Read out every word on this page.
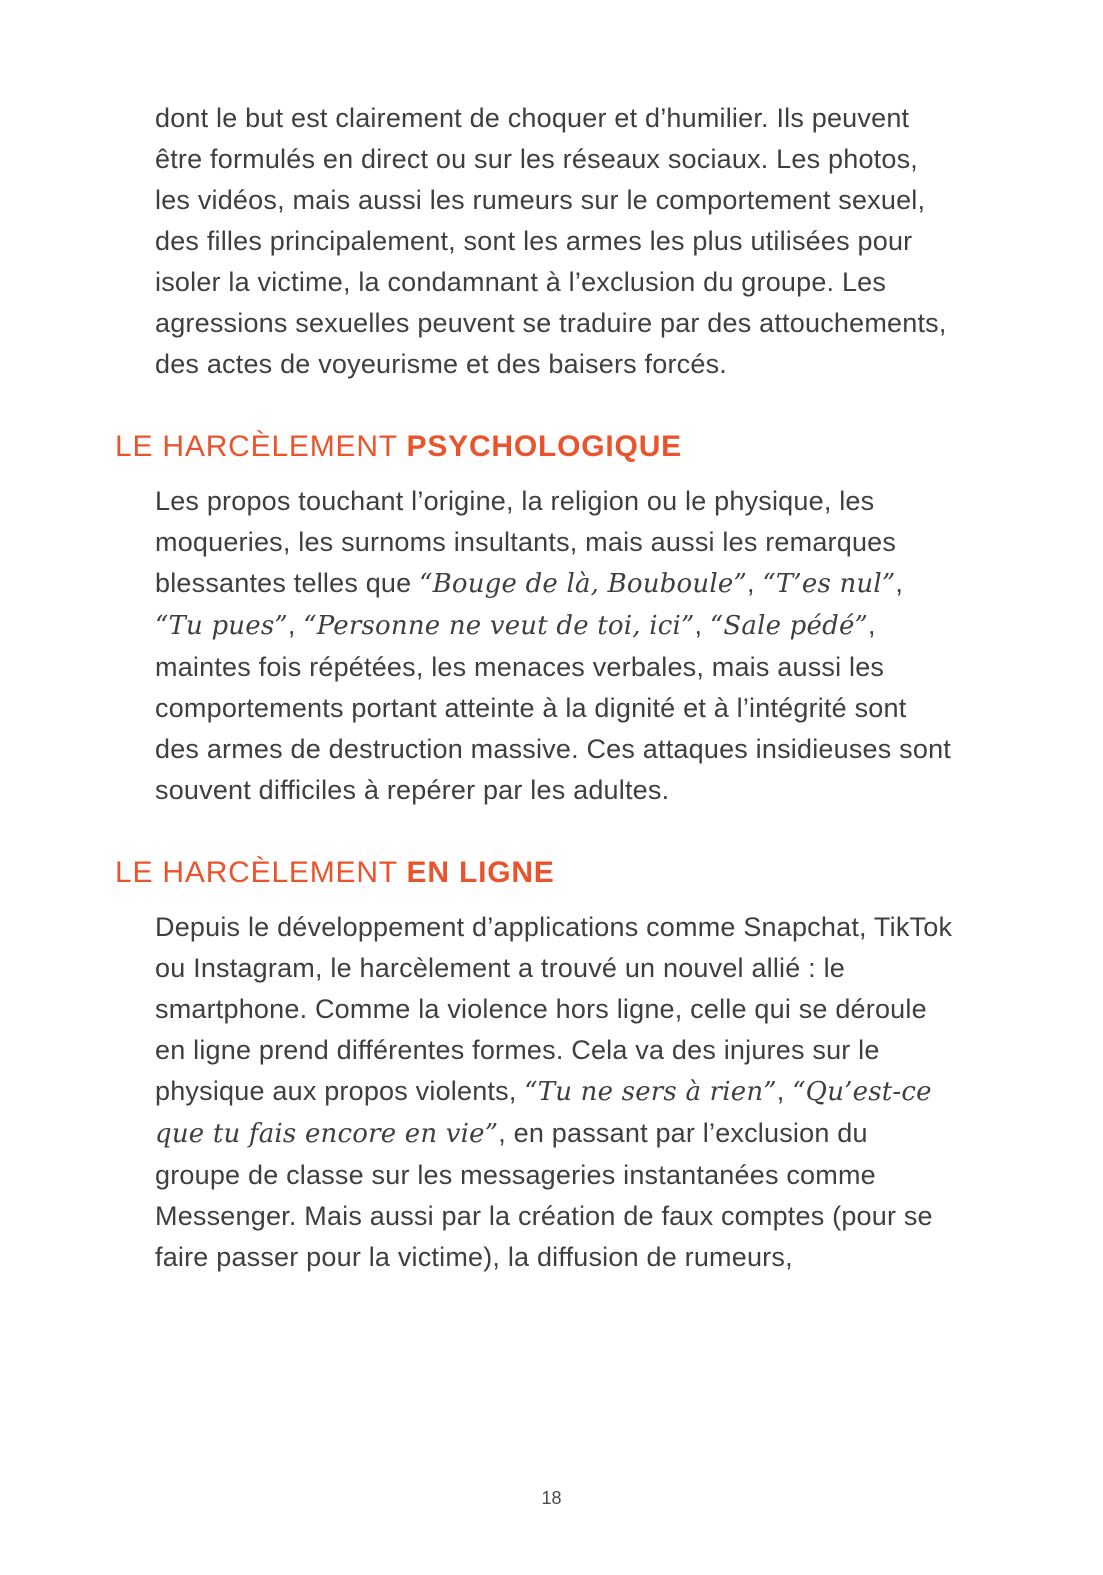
dont le but est clairement de choquer et d’humilier. Ils peuvent être formulés en direct ou sur les réseaux sociaux. Les photos, les vidéos, mais aussi les rumeurs sur le comportement sexuel, des filles principalement, sont les armes les plus utilisées pour isoler la victime, la condamnant à l’exclusion du groupe. Les agressions sexuelles peuvent se traduire par des attouchements, des actes de voyeurisme et des baisers forcés.

LE HARCÈLEMENT PSYCHOLOGIQUE

Les propos touchant l’origine, la religion ou le physique, les moqueries, les surnoms insultants, mais aussi les remarques blessantes telles que “Bouge de là, Bouboule”, “T’es nul”, “Tu pues”, “Personne ne veut de toi, ici”, “Sale pédé”, maintes fois répétées, les menaces verbales, mais aussi les comportements portant atteinte à la dignité et à l’intégrité sont des armes de destruction massive. Ces attaques insidieuses sont souvent difficiles à repérer par les adultes.

LE HARCÈLEMENT EN LIGNE

Depuis le développement d’applications comme Snapchat, TikTok ou Instagram, le harcèlement a trouvé un nouvel allié : le smartphone. Comme la violence hors ligne, celle qui se déroule en ligne prend différentes formes. Cela va des injures sur le physique aux propos violents, “Tu ne sers à rien”, “Qu’est-ce que tu fais encore en vie”, en passant par l’exclusion du groupe de classe sur les messageries instantanées comme Messenger. Mais aussi par la création de faux comptes (pour se faire passer pour la victime), la diffusion de rumeurs,

18
